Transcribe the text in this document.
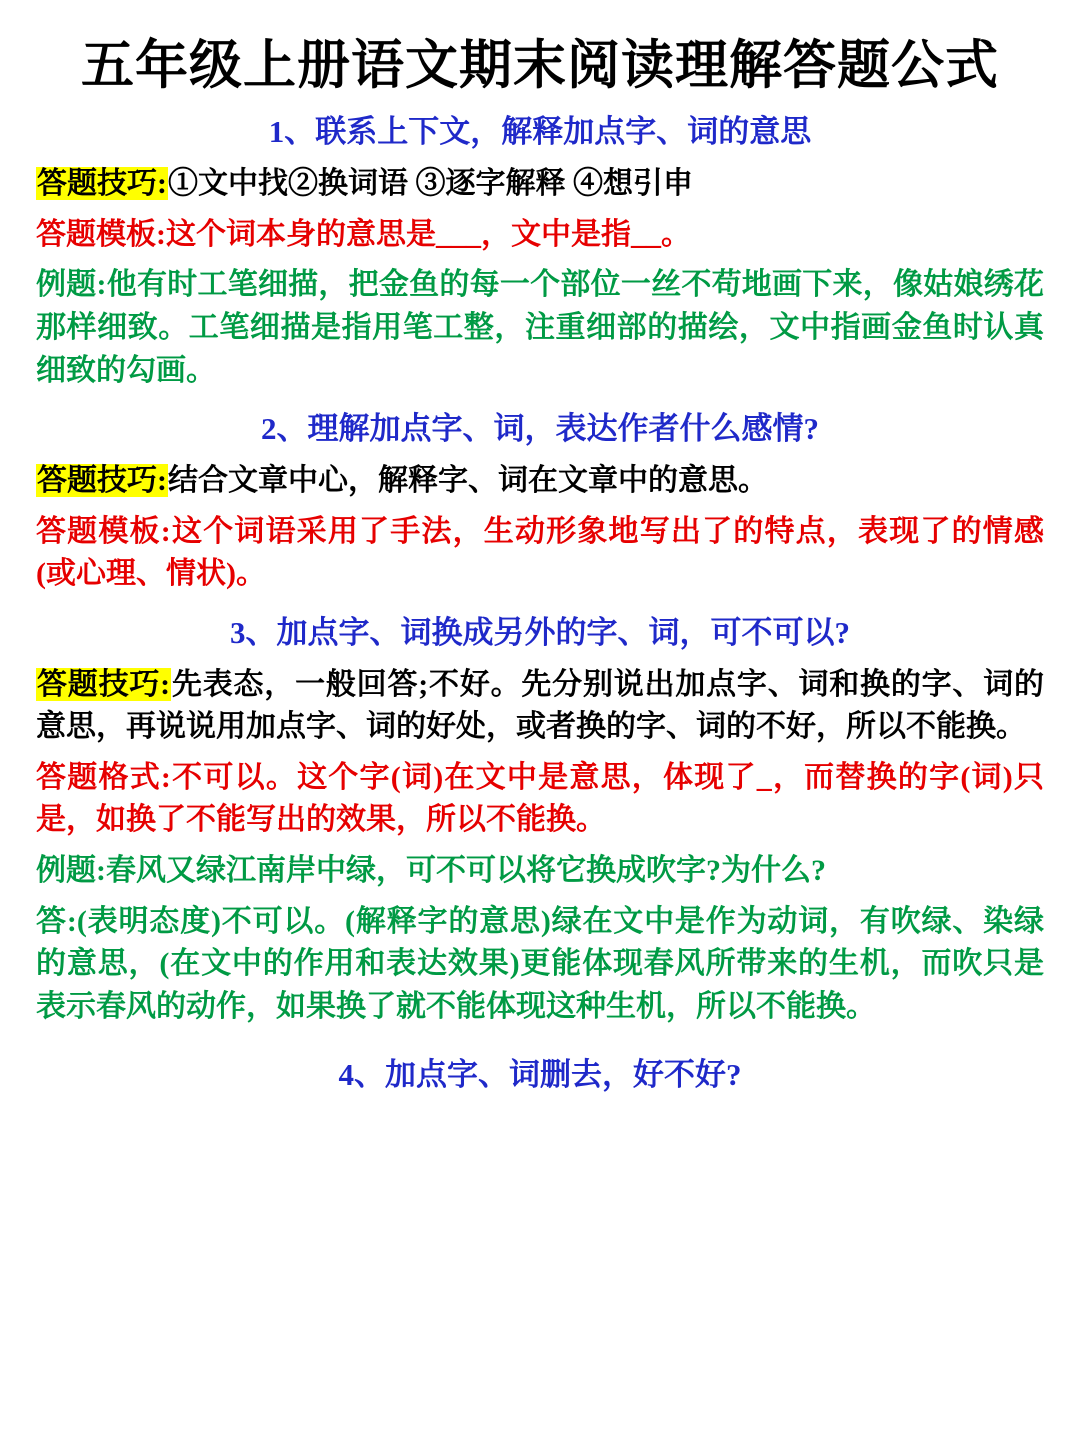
五年级上册语文期末阅读理解答题公式
1、联系上下文，解释加点字、词的意思

答题技巧:①文中找②换词语 ③逐字解释 ④想引申

答题模板:这个词本身的意思是___，文中是指__。

例题:他有时工笔细描，把金鱼的每一个部位一丝不苟地画下来，像姑娘绣花那样细致。工笔细描是指用笔工整，注重细部的描绘，文中指画金鱼时认真细致的勾画。

2、理解加点字、词，表达作者什么感情?

答题技巧:结合文章中心，解释字、词在文章中的意思。

答题模板:这个词语采用了手法，生动形象地写出了的特点，表现了的情感(或心理、情状)。

3、加点字、词换成另外的字、词，可不可以?

答题技巧:先表态，一般回答;不好。先分别说出加点字、词和换的字、词的意思，再说说用加点字、词的好处，或者换的字、词的不好，所以不能换。

答题格式:不可以。这个字(词)在文中是意思，体现了_，而替换的字(词)只是，如换了不能写出的效果，所以不能换。

例题:春风又绿江南岸中绿，可不可以将它换成吹字?为什么?

答:(表明态度)不可以。(解释字的意思)绿在文中是作为动词，有吹绿、染绿的意思，(在文中的作用和表达效果)更能体现春风所带来的生机，而吹只是表示春风的动作，如果换了就不能体现这种生机，所以不能换。

4、加点字、词删去，好不好?
